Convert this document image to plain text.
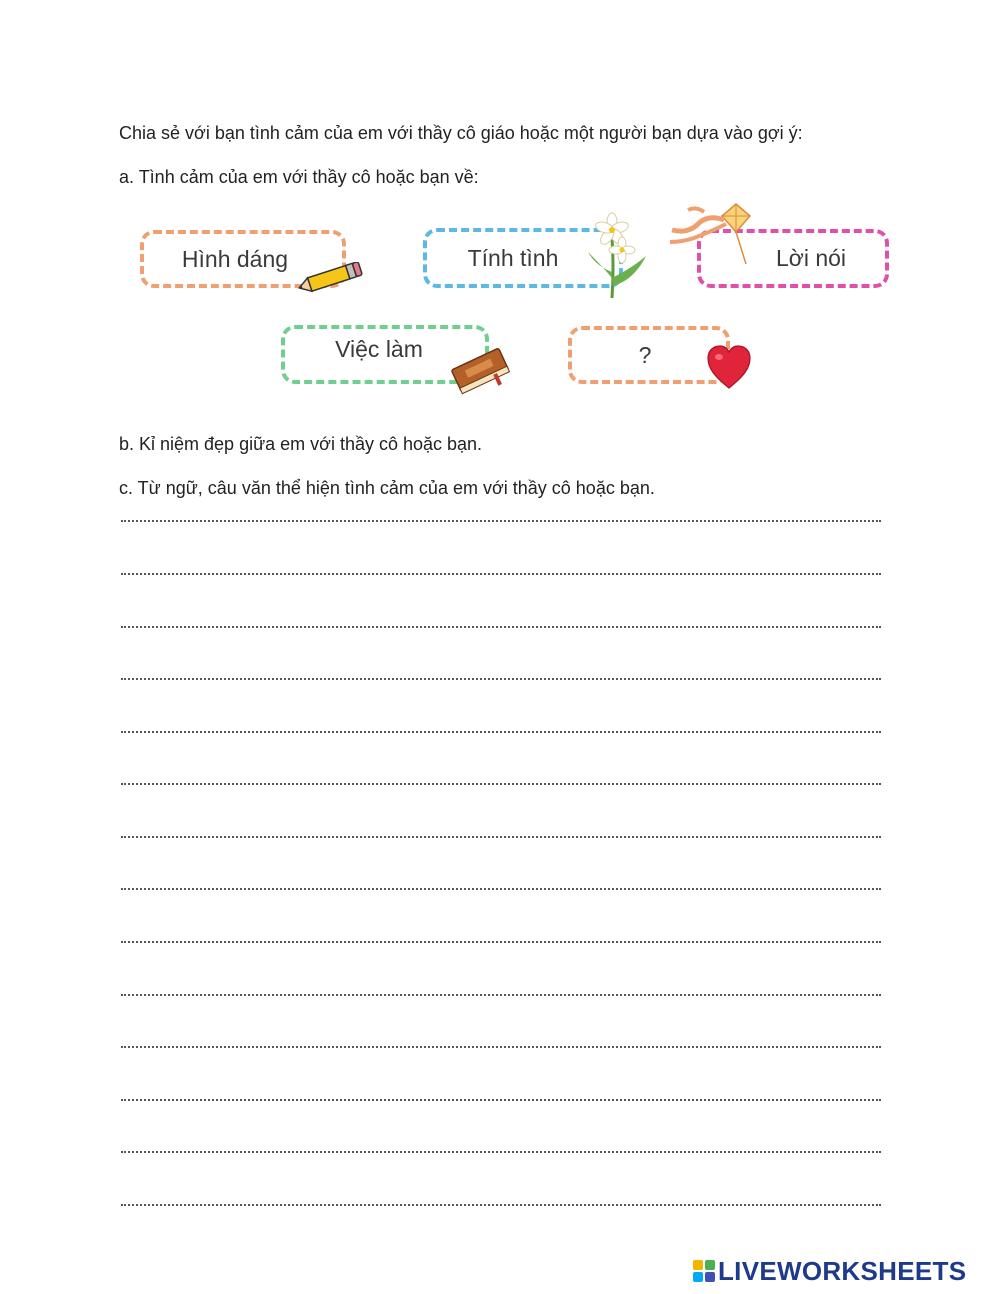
Chia sẻ với bạn tình cảm của em với thầy cô giáo hoặc một người bạn dựa vào gợi ý:
a. Tình cảm của em với thầy cô hoặc bạn về:
Hình dáng	Tính tình	Lời nói
Việc làm	?
b. Kỉ niệm đẹp giữa em với thầy cô hoặc bạn.
c. Từ ngữ, câu văn thể hiện tình cảm của em với thầy cô hoặc bạn.
LIVEWORKSHEETS
